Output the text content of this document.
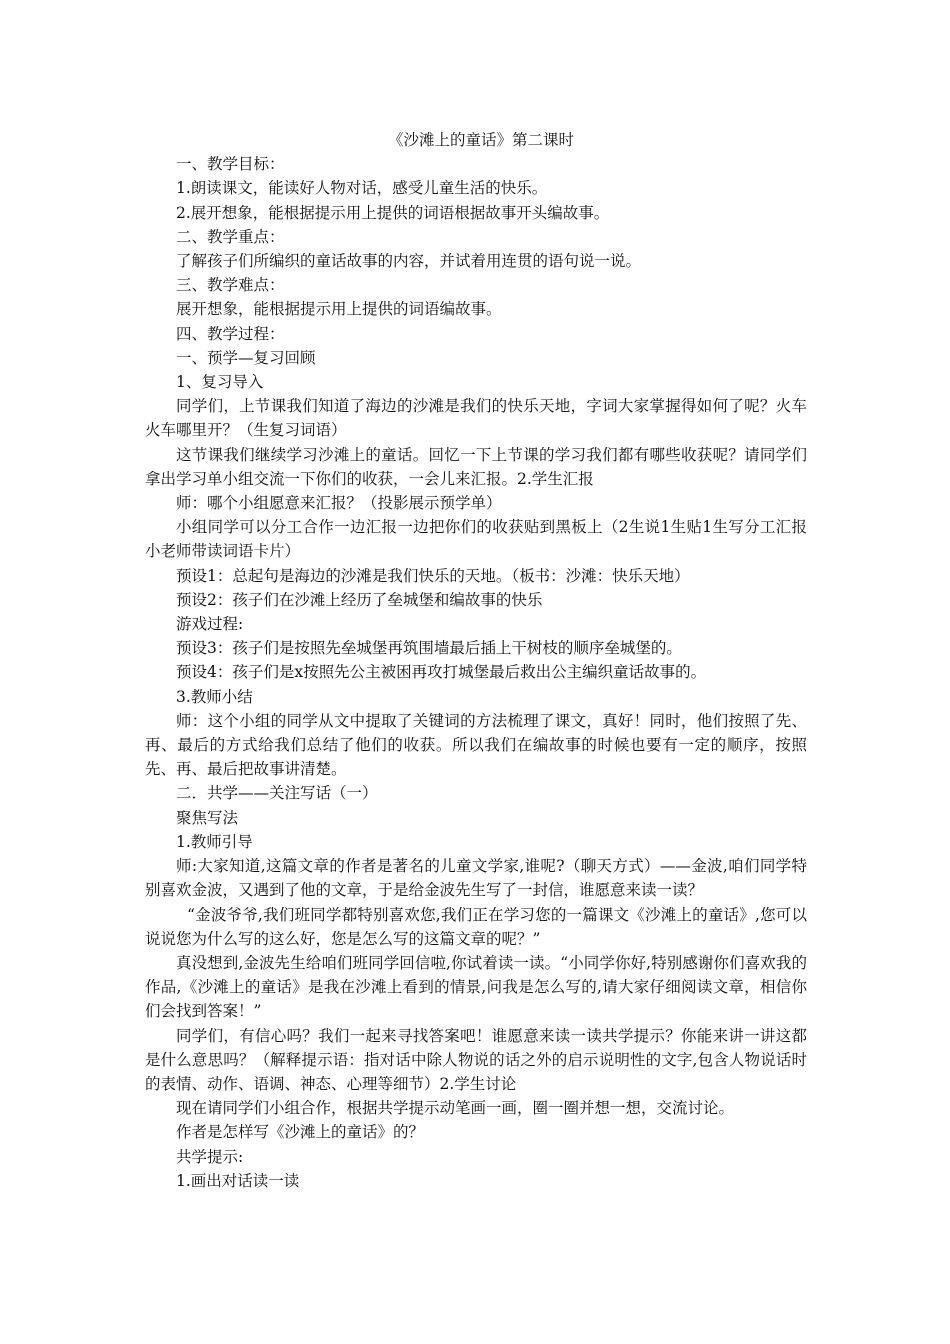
《沙滩上的童话》第二课时

一、教学目标：

1.朗读课文，能读好人物对话，感受儿童生活的快乐。

2.展开想象，能根据提示用上提供的词语根据故事开头编故事。

二、教学重点：

了解孩子们所编织的童话故事的内容，并试着用连贯的语句说一说。

三、教学难点：

展开想象，能根据提示用上提供的词语编故事。

四、教学过程：

一、预学—复习回顾

1、复习导入

同学们，上节课我们知道了海边的沙滩是我们的快乐天地，字词大家掌握得如何了呢？火车火车哪里开？（生复习词语）

这节课我们继续学习沙滩上的童话。回忆一下上节课的学习我们都有哪些收获呢？请同学们拿出学习单小组交流一下你们的收获，一会儿来汇报。2.学生汇报

师：哪个小组愿意来汇报？（投影展示预学单）

小组同学可以分工合作一边汇报一边把你们的收获贴到黑板上（2生说1生贴1生写分工汇报小老师带读词语卡片）

预设1：总起句是海边的沙滩是我们快乐的天地。（板书：沙滩：快乐天地）

预设2：孩子们在沙滩上经历了垒城堡和编故事的快乐

游戏过程:

预设3：孩子们是按照先垒城堡再筑围墙最后插上干树枝的顺序垒城堡的。

预设4：孩子们是x按照先公主被困再攻打城堡最后救出公主编织童话故事的。

3.教师小结

师：这个小组的同学从文中提取了关键词的方法梳理了课文，真好！同时，他们按照了先、再、最后的方式给我们总结了他们的收获。所以我们在编故事的时候也要有一定的顺序，按照先、再、最后把故事讲清楚。

二．共学——关注写话（一）

聚焦写法

1.教师引导

师:大家知道,这篇文章的作者是著名的儿童文学家,谁呢?（聊天方式）——金波,咱们同学特别喜欢金波，又遇到了他的文章，于是给金波先生写了一封信，谁愿意来读一读？

“金波爷爷,我们班同学都特别喜欢您,我们正在学习您的一篇课文《沙滩上的童话》,您可以说说您为什么写的这么好，您是怎么写的这篇文章的呢？”

真没想到,金波先生给咱们班同学回信啦,你试着读一读。“小同学你好,特别感谢你们喜欢我的作品,《沙滩上的童话》是我在沙滩上看到的情景,问我是怎么写的,请大家仔细阅读文章，相信你们会找到答案！”

同学们，有信心吗？我们一起来寻找答案吧！谁愿意来读一读共学提示？你能来讲一讲这都是什么意思吗？（解释提示语：指对话中除人物说的话之外的启示说明性的文字,包含人物说话时的表情、动作、语调、神态、心理等细节）2.学生讨论

现在请同学们小组合作，根据共学提示动笔画一画，圈一圈并想一想，交流讨论。

作者是怎样写《沙滩上的童话》的？

共学提示:

1.画出对话读一读
